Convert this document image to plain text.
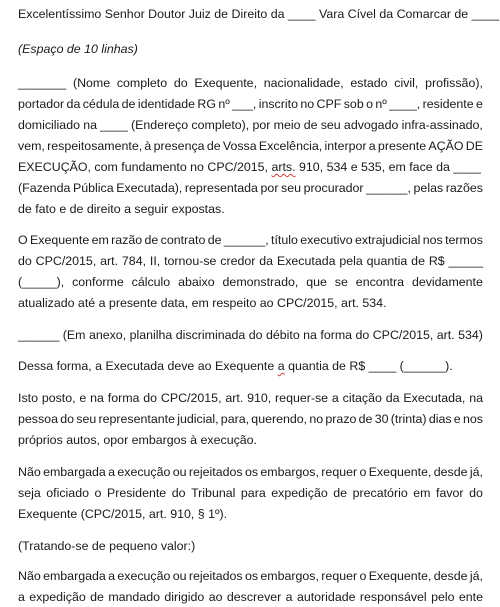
Excelentíssimo Senhor Doutor Juiz de Direito da ____ Vara Cível da Comarcar de ____
(Espaço de 10 linhas)
_______ (Nome completo do Exequente, nacionalidade, estado civil, profissão),
portador da cédula de identidade RG nº ___, inscrito no CPF sob o nº ____, residente e
domiciliado na ____ (Endereço completo), por meio de seu advogado infra-assinado,
vem, respeitosamente, à presença de Vossa Excelência, interpor a presente AÇÃO DE
EXECUÇÃO, com fundamento no CPC/2015, arts. 910, 534 e 535, em face da ____
(Fazenda Pública Executada), representada por seu procurador ______, pelas razões
de fato e de direito a seguir expostas.
O Exequente em razão de contrato de ______, título executivo extrajudicial nos termos
do CPC/2015, art. 784, II, tornou-se credor da Executada pela quantia de R$ _____
(_____), conforme cálculo abaixo demonstrado, que se encontra devidamente
atualizado até a presente data, em respeito ao CPC/2015, art. 534.
______ (Em anexo, planilha discriminada do débito na forma do CPC/2015, art. 534)
Dessa forma, a Executada deve ao Exequente a quantia de R$ ____ (______).
Isto posto, e na forma do CPC/2015, art. 910, requer-se a citação da Executada, na
pessoa do seu representante judicial, para, querendo, no prazo de 30 (trinta) dias e nos
próprios autos, opor embargos à execução.
Não embargada a execução ou rejeitados os embargos, requer o Exequente, desde já,
seja oficiado o Presidente do Tribunal para expedição de precatório em favor do
Exequente (CPC/2015, art. 910, § 1º).
(Tratando-se de pequeno valor:)
Não embargada a execução ou rejeitados os embargos, requer o Exequente, desde já,
a expedição de mandado dirigido ao descrever a autoridade responsável pelo ente
